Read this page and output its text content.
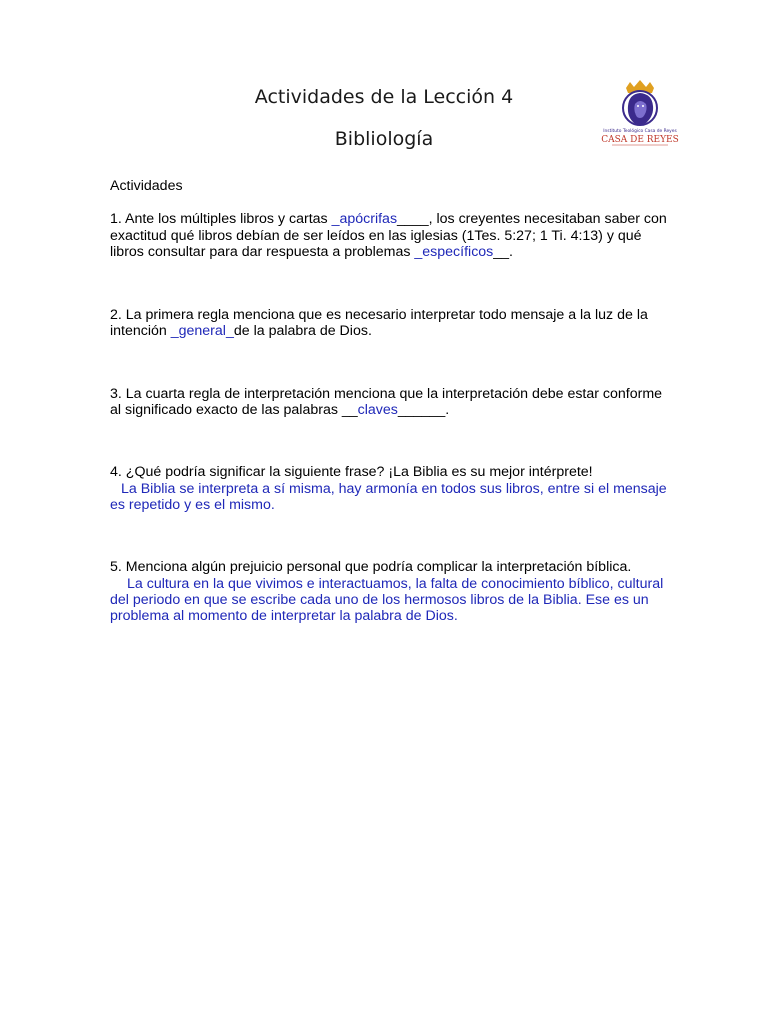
Actividades de la Lección 4
Bibliología	Instituto Teológico Casa de Reyes
CASA DE REYES

Actividades

1. Ante los múltiples libros y cartas _apócrifas____, los creyentes necesitaban saber con exactitud qué libros debían de ser leídos en las iglesias (1Tes. 5:27; 1 Ti. 4:13) y qué libros consultar para dar respuesta a problemas _específicos__.

2. La primera regla menciona que es necesario interpretar todo mensaje a la luz de la intención _general_de la palabra de Dios.

3. La cuarta regla de interpretación menciona que la interpretación debe estar conforme al significado exacto de las palabras __claves______.

4. ¿Qué podría significar la siguiente frase? ¡La Biblia es su mejor intérprete!

La Biblia se interpreta a sí misma, hay armonía en todos sus libros, entre si el mensaje es repetido y es el mismo.

5. Menciona algún prejuicio personal que podría complicar la interpretación bíblica.

La cultura en la que vivimos e interactuamos, la falta de conocimiento bíblico, cultural del periodo en que se escribe cada uno de los hermosos libros de la Biblia. Ese es un problema al momento de interpretar la palabra de Dios.
